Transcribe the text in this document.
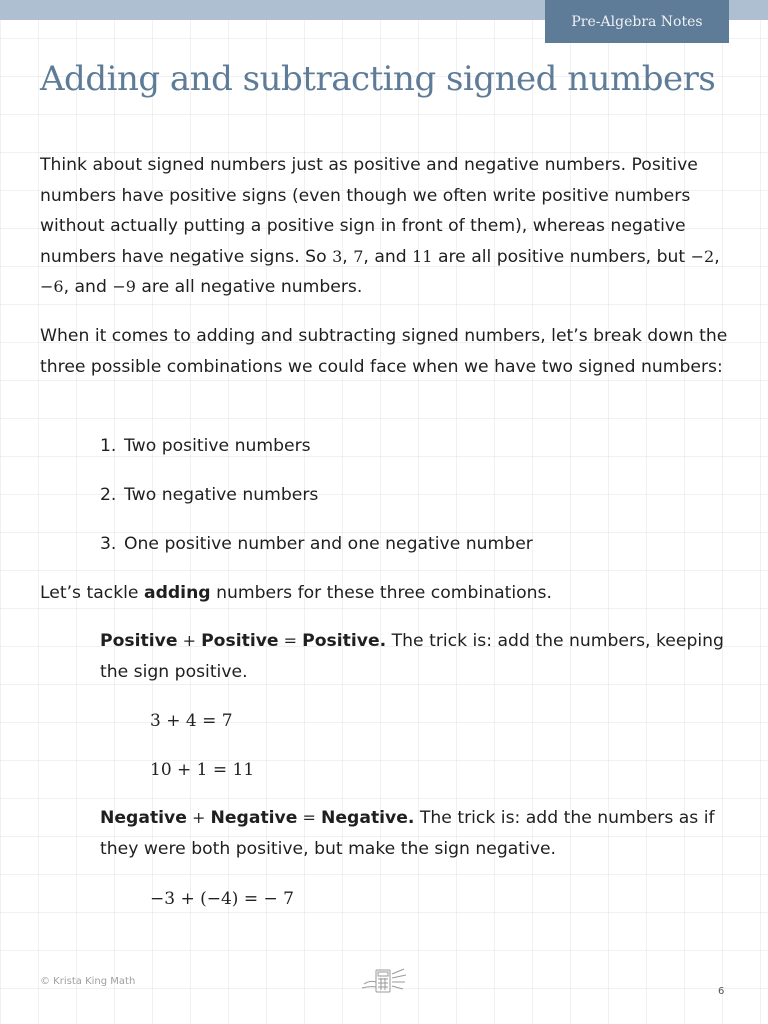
Pre-Algebra Notes
Adding and subtracting signed numbers

Think about signed numbers just as positive and negative numbers. Positive numbers have positive signs (even though we often write positive numbers without actually putting a positive sign in front of them), whereas negative numbers have negative signs. So 3, 7, and 11 are all positive numbers, but −2, −6, and −9 are all negative numbers.

When it comes to adding and subtracting signed numbers, let’s break down the three possible combinations we could face when we have two signed numbers:

1. Two positive numbers
2. Two negative numbers
3. One positive number and one negative number

Let’s tackle adding numbers for these three combinations.

Positive + Positive = Positive. The trick is: add the numbers, keeping the sign positive.

3 + 4 = 7

10 + 1 = 11

Negative + Negative = Negative. The trick is: add the numbers as if they were both positive, but make the sign negative.

−3 + (−4) = − 7

© Krista King Math
6
